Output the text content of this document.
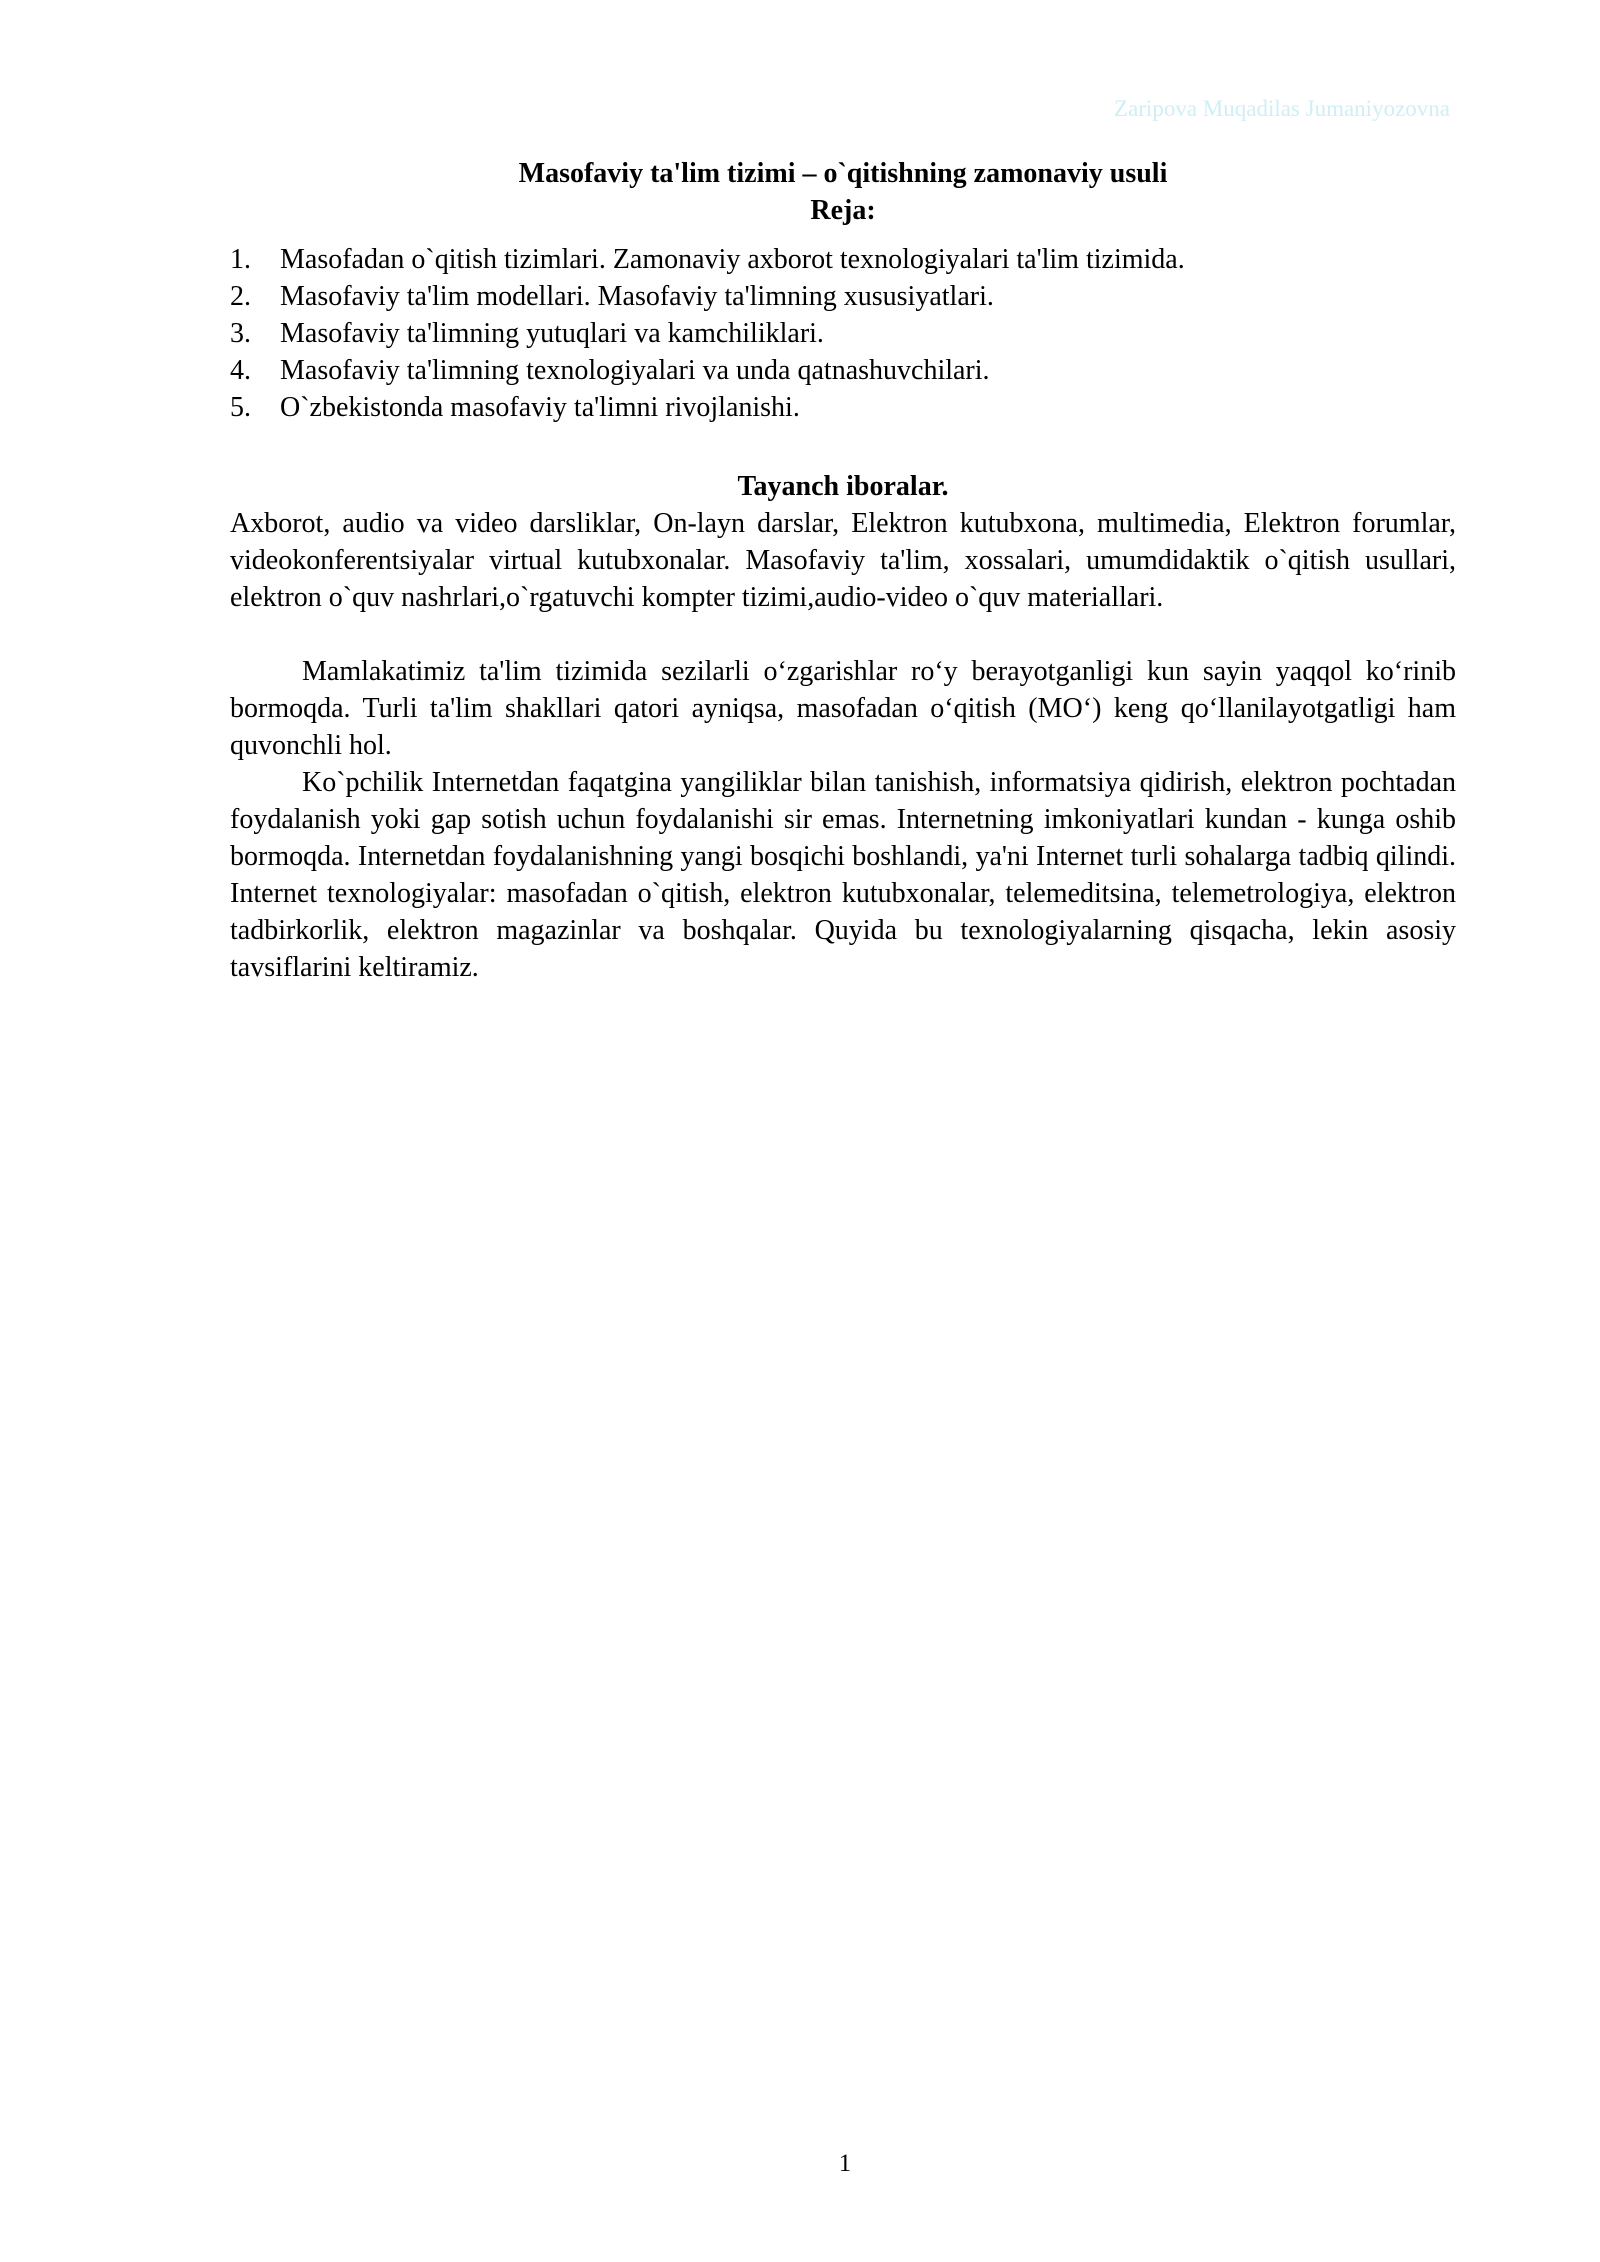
Zaripova Muqadilas Jumaniyozovna

Masofaviy ta'lim tizimi – o`qitishning zamonaviy usuli

Reja:

1.	Masofadan o`qitish tizimlari. Zamonaviy axborot texnologiyalari ta'lim tizimida.
2.	Masofaviy ta'lim modellari. Masofaviy ta'limning xususiyatlari.
3.	Masofaviy ta'limning yutuqlari va kamchiliklari.
4.	Masofaviy ta'limning texnologiyalari va unda qatnashuvchilari.
5.	O`zbekistonda masofaviy ta'limni rivojlanishi.

Tayanch iboralar.

Axborot, audio va video darsliklar, On-layn darslar, Elektron kutubxona, multimedia, Elektron forumlar, videokonferentsiyalar virtual kutubxonalar. Masofaviy ta'lim, xossalari, umumdidaktik o`qitish usullari, elektron o`quv nashrlari,o`rgatuvchi kompter tizimi,audio-video o`quv materiallari.

Mamlakatimiz ta'lim tizimida sezilarli o‘zgarishlar ro‘y berayotganligi kun sayin yaqqol ko‘rinib bormoqda. Turli ta'lim shakllari qatori ayniqsa, masofadan o‘qitish (MO‘) keng qo‘llanilayotgatligi ham quvonchli hol.

Ko`pchilik Internetdan faqatgina yangiliklar bilan tanishish, informatsiya qidirish, elektron pochtadan foydalanish yoki gap sotish uchun foydalanishi sir emas. Internetning imkoniyatlari kundan - kunga oshib bormoqda. Internetdan foydalanishning yangi bosqichi boshlandi, ya'ni Internet turli sohalarga tadbiq qilindi. Internet texnologiyalar: masofadan o`qitish, elektron kutubxonalar, telemeditsina, telemetrologiya, elektron tadbirkorlik, elektron magazinlar va boshqalar. Quyida bu texnologiyalarning qisqacha, lekin asosiy tavsiflarini keltiramiz.

1
